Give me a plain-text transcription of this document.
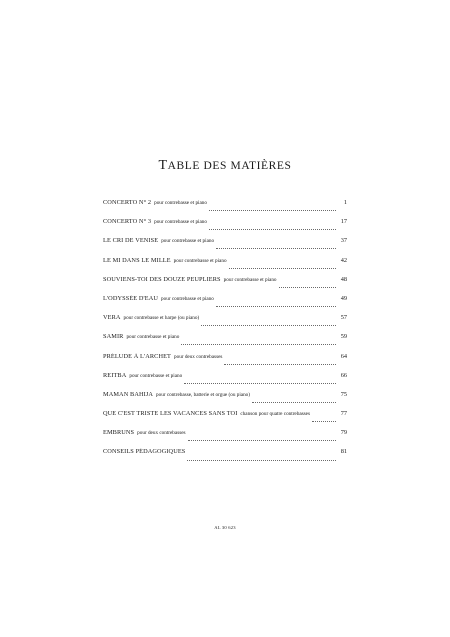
TABLE DES MATIÈRES
CONCERTO N° 2 pour contrebasse et piano	1
CONCERTO N° 3 pour contrebasse et piano	17
LE CRI DE VENISE pour contrebasse et piano	37
LE MI DANS LE MILLE pour contrebasse et piano	42
SOUVIENS-TOI DES DOUZE PEUPLIERS pour contrebasse et piano	48
L'ODYSSÉE D'EAU pour contrebasse et piano	49
VERA pour contrebasse et harpe (ou piano)	57
SAMIR pour contrebasse et piano	59
PRÉLUDE À L'ARCHET pour deux contrebasses	64
REITBA pour contrebasse et piano	66
MAMAN BAHIJA pour contrebasse, batterie et orgue (ou piano)	75
QUE C'EST TRISTE LES VACANCES SANS TOI chanson pour quatre contrebasses	77
EMBRUNS pour deux contrebasses	79
CONSEILS PÉDAGOGIQUES	81
AL 30 623
